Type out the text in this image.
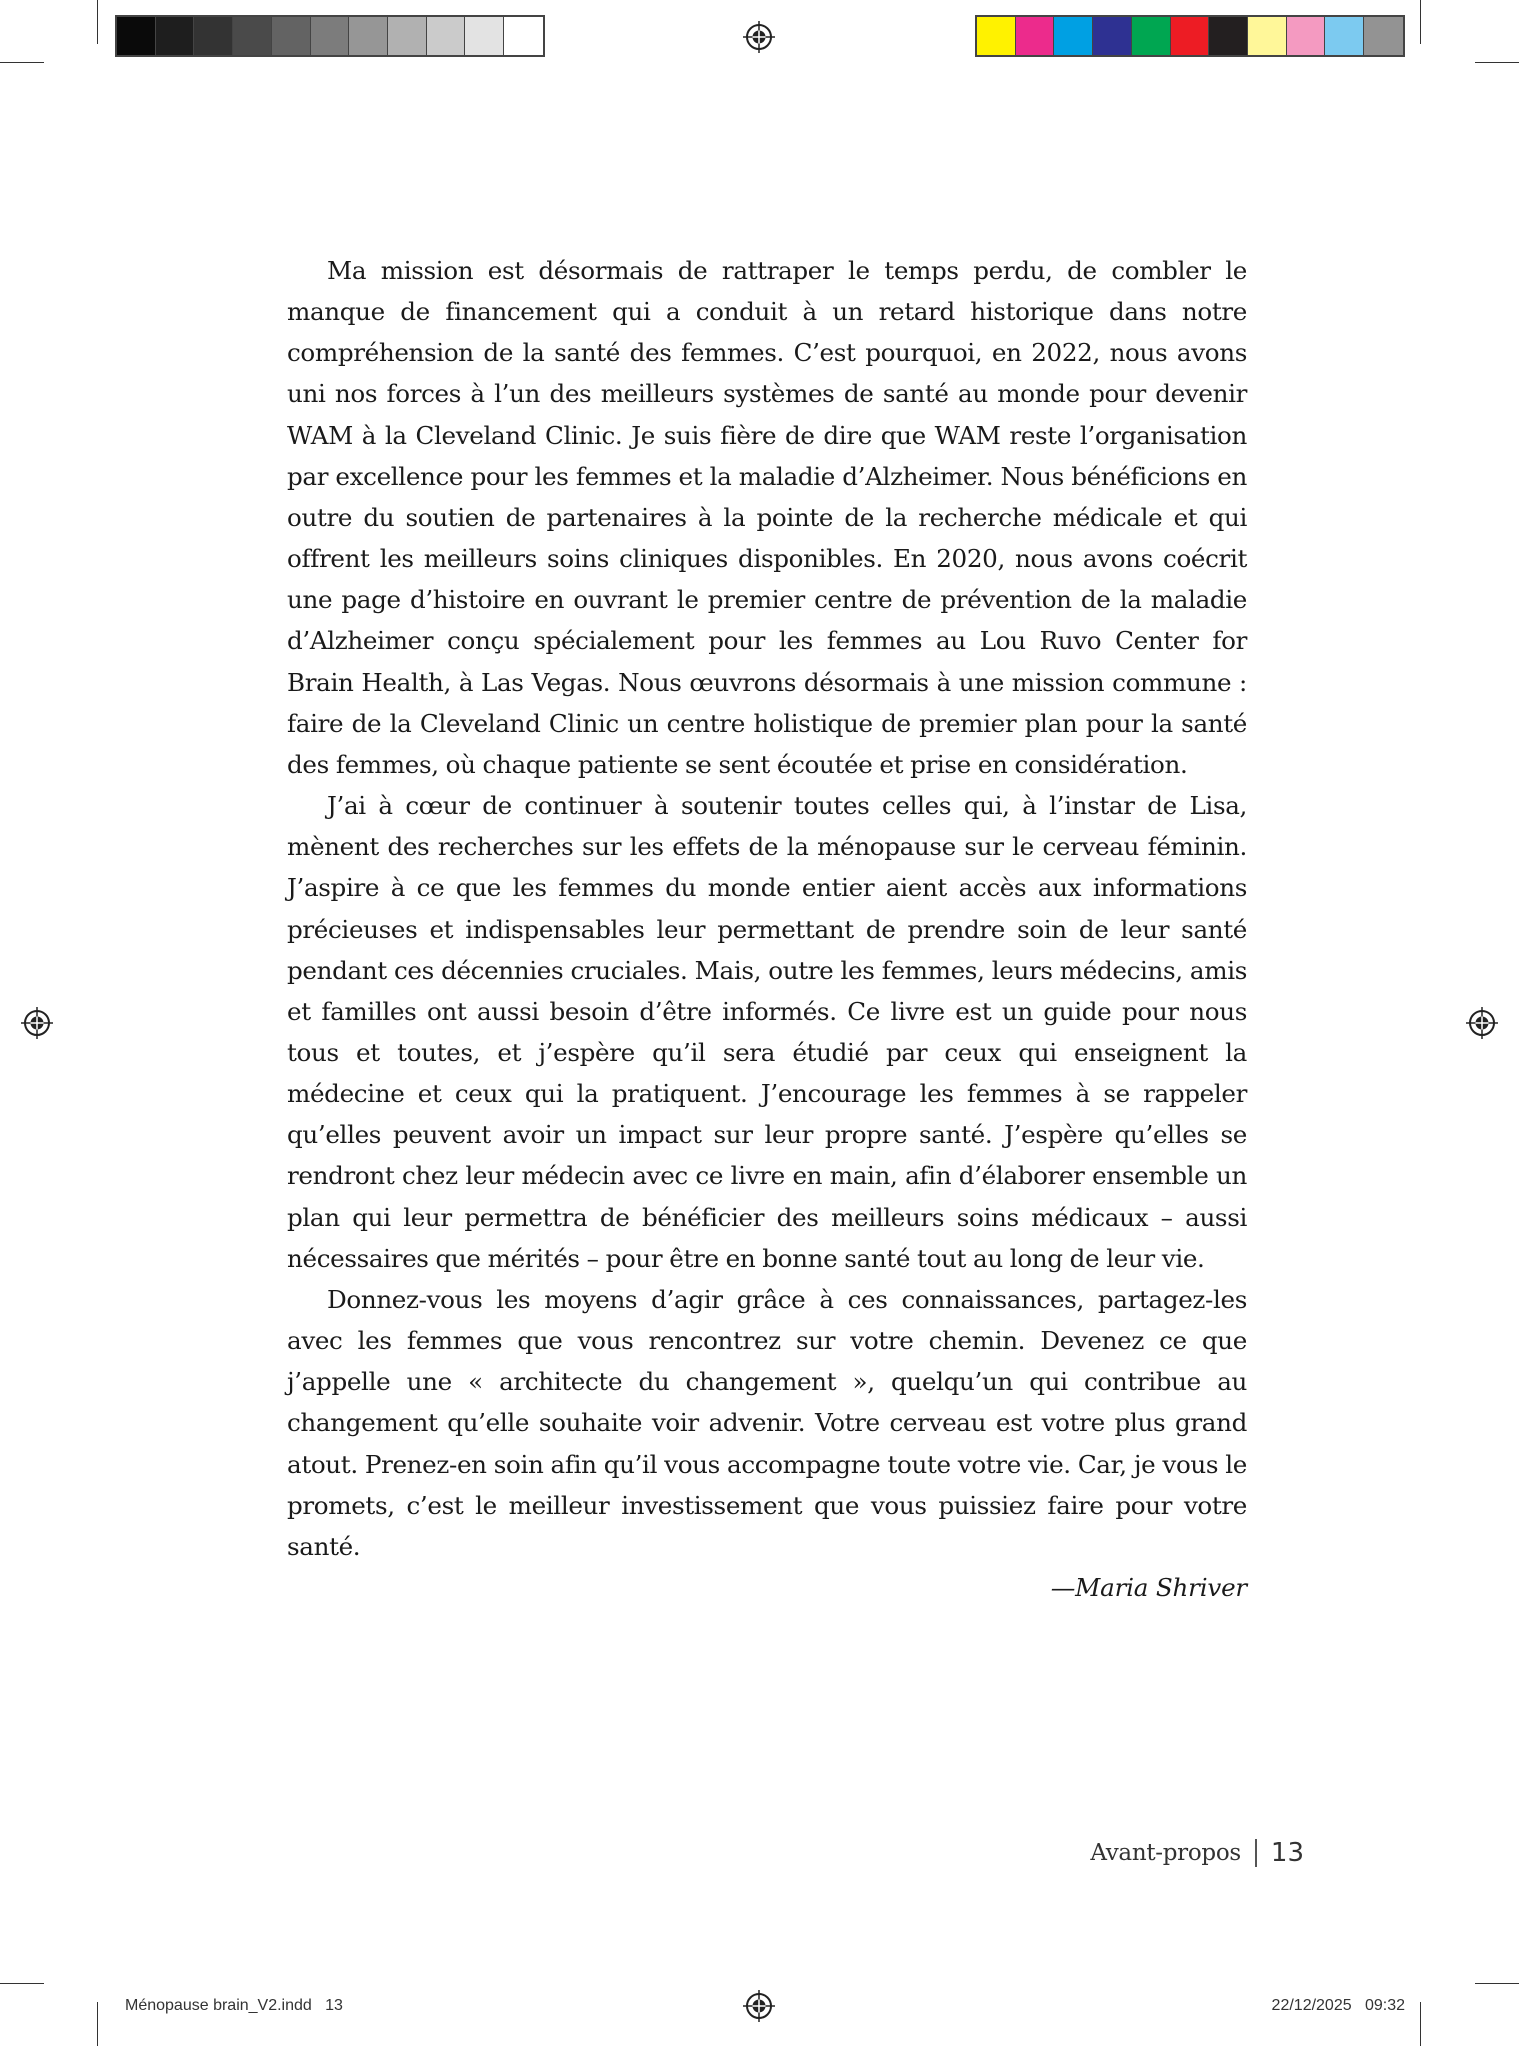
Ma mission est désormais de rattraper le temps perdu, de combler le manque de financement qui a conduit à un retard historique dans notre compréhension de la santé des femmes. C’est pourquoi, en 2022, nous avons uni nos forces à l’un des meilleurs systèmes de santé au monde pour devenir WAM à la Cleveland Clinic. Je suis fière de dire que WAM reste l’organisation par excellence pour les femmes et la maladie d’Alzheimer. Nous bénéficions en outre du soutien de partenaires à la pointe de la recherche médicale et qui offrent les meilleurs soins cliniques disponibles. En 2020, nous avons coécrit une page d’histoire en ouvrant le premier centre de prévention de la maladie d’Alzheimer conçu spécialement pour les femmes au Lou Ruvo Center for Brain Health, à Las Vegas. Nous œuvrons désormais à une mission commune : faire de la Cleveland Clinic un centre holistique de premier plan pour la santé des femmes, où chaque patiente se sent écoutée et prise en considération.

J’ai à cœur de continuer à soutenir toutes celles qui, à l’instar de Lisa, mènent des recherches sur les effets de la ménopause sur le cerveau féminin. J’aspire à ce que les femmes du monde entier aient accès aux informations précieuses et indispensables leur permettant de prendre soin de leur santé pendant ces décennies cruciales. Mais, outre les femmes, leurs médecins, amis et familles ont aussi besoin d’être informés. Ce livre est un guide pour nous tous et toutes, et j’espère qu’il sera étudié par ceux qui enseignent la médecine et ceux qui la pratiquent. J’encourage les femmes à se rappeler qu’elles peuvent avoir un impact sur leur propre santé. J’espère qu’elles se rendront chez leur médecin avec ce livre en main, afin d’élaborer ensemble un plan qui leur permettra de bénéficier des meilleurs soins médicaux – aussi nécessaires que mérités – pour être en bonne santé tout au long de leur vie.

Donnez-vous les moyens d’agir grâce à ces connaissances, partagez-les avec les femmes que vous rencontrez sur votre chemin. Devenez ce que j’appelle une « architecte du changement », quelqu’un qui contribue au changement qu’elle souhaite voir advenir. Votre cerveau est votre plus grand atout. Prenez-en soin afin qu’il vous accompagne toute votre vie. Car, je vous le promets, c’est le meilleur investissement que vous puissiez faire pour votre santé.

—Maria Shriver

Avant-propos 13
Ménopause brain_V2.indd   13	22/12/2025   09:32
